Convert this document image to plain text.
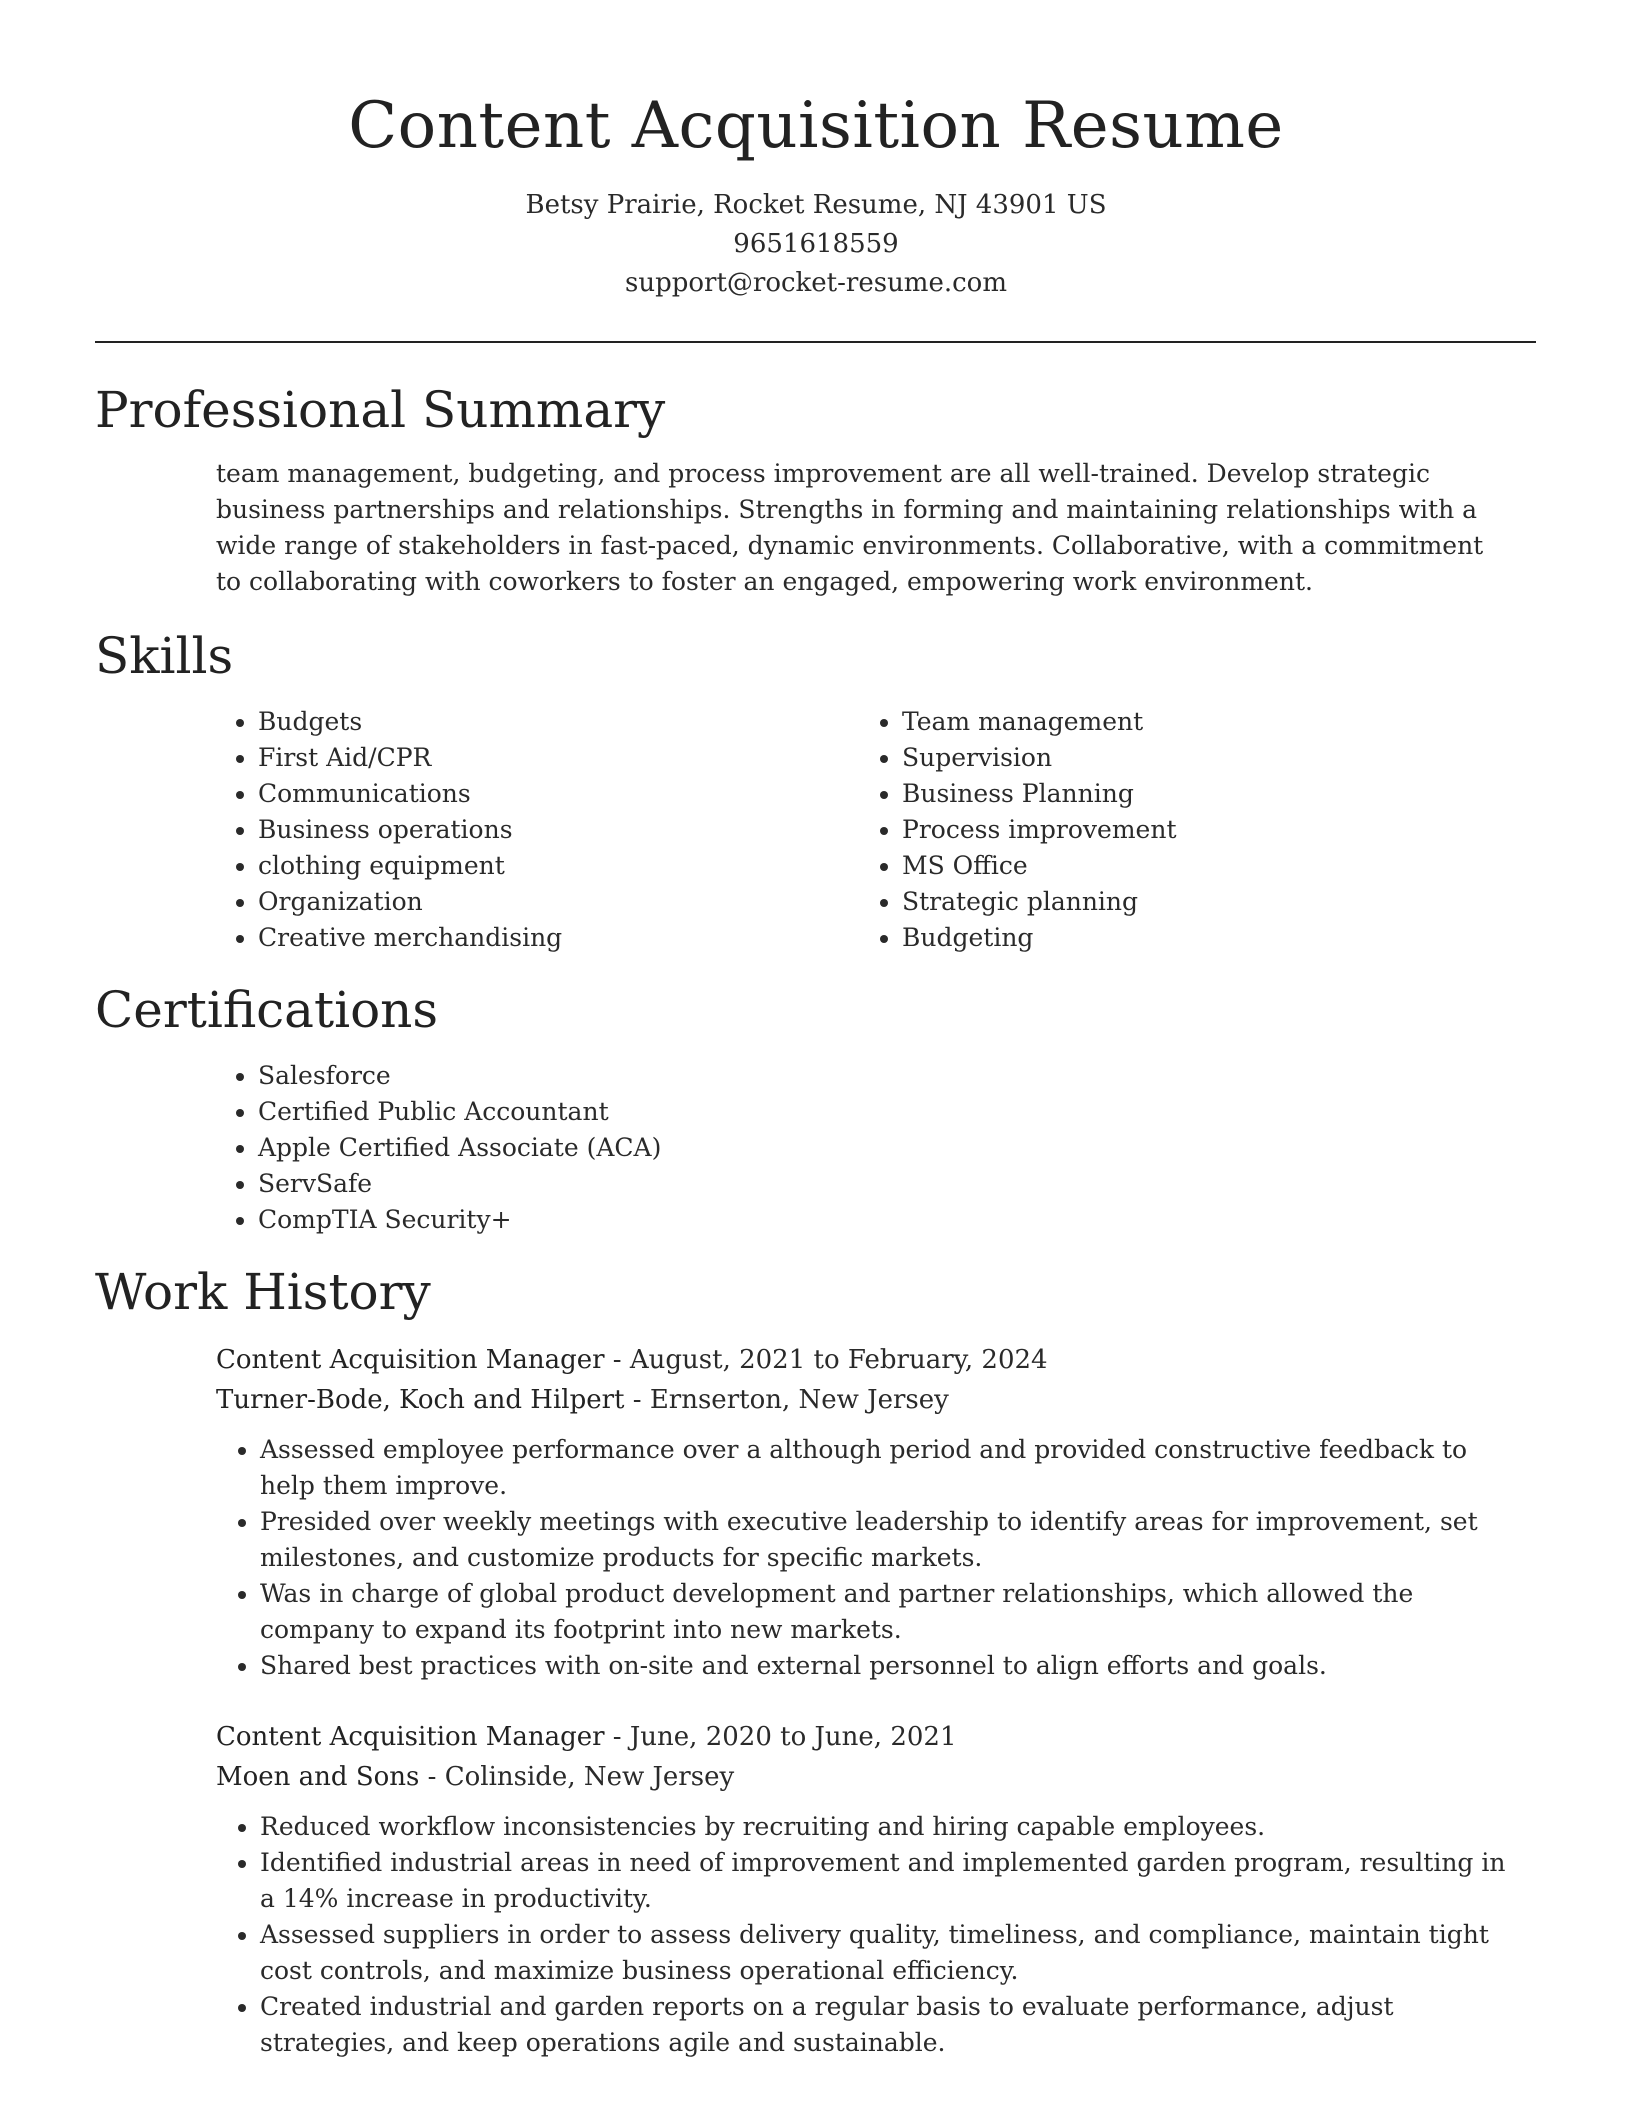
Content Acquisition Resume
Betsy Prairie, Rocket Resume, NJ 43901 US
9651618559
support@rocket-resume.com
Professional Summary
team management, budgeting, and process improvement are all well-trained. Develop strategic business partnerships and relationships. Strengths in forming and maintaining relationships with a wide range of stakeholders in fast-paced, dynamic environments. Collaborative, with a commitment to collaborating with coworkers to foster an engaged, empowering work environment.
Skills
• Budgets
• First Aid/CPR
• Communications
• Business operations
• clothing equipment
• Organization
• Creative merchandising
• Team management
• Supervision
• Business Planning
• Process improvement
• MS Office
• Strategic planning
• Budgeting
Certifications
• Salesforce
• Certified Public Accountant
• Apple Certified Associate (ACA)
• ServSafe
• CompTIA Security+
Work History
Content Acquisition Manager - August, 2021 to February, 2024
Turner-Bode, Koch and Hilpert - Ernserton, New Jersey
• Assessed employee performance over a although period and provided constructive feedback to help them improve.
• Presided over weekly meetings with executive leadership to identify areas for improvement, set milestones, and customize products for specific markets.
• Was in charge of global product development and partner relationships, which allowed the company to expand its footprint into new markets.
• Shared best practices with on-site and external personnel to align efforts and goals.
Content Acquisition Manager - June, 2020 to June, 2021
Moen and Sons - Colinside, New Jersey
• Reduced workflow inconsistencies by recruiting and hiring capable employees.
• Identified industrial areas in need of improvement and implemented garden program, resulting in a 14% increase in productivity.
• Assessed suppliers in order to assess delivery quality, timeliness, and compliance, maintain tight cost controls, and maximize business operational efficiency.
• Created industrial and garden reports on a regular basis to evaluate performance, adjust strategies, and keep operations agile and sustainable.
